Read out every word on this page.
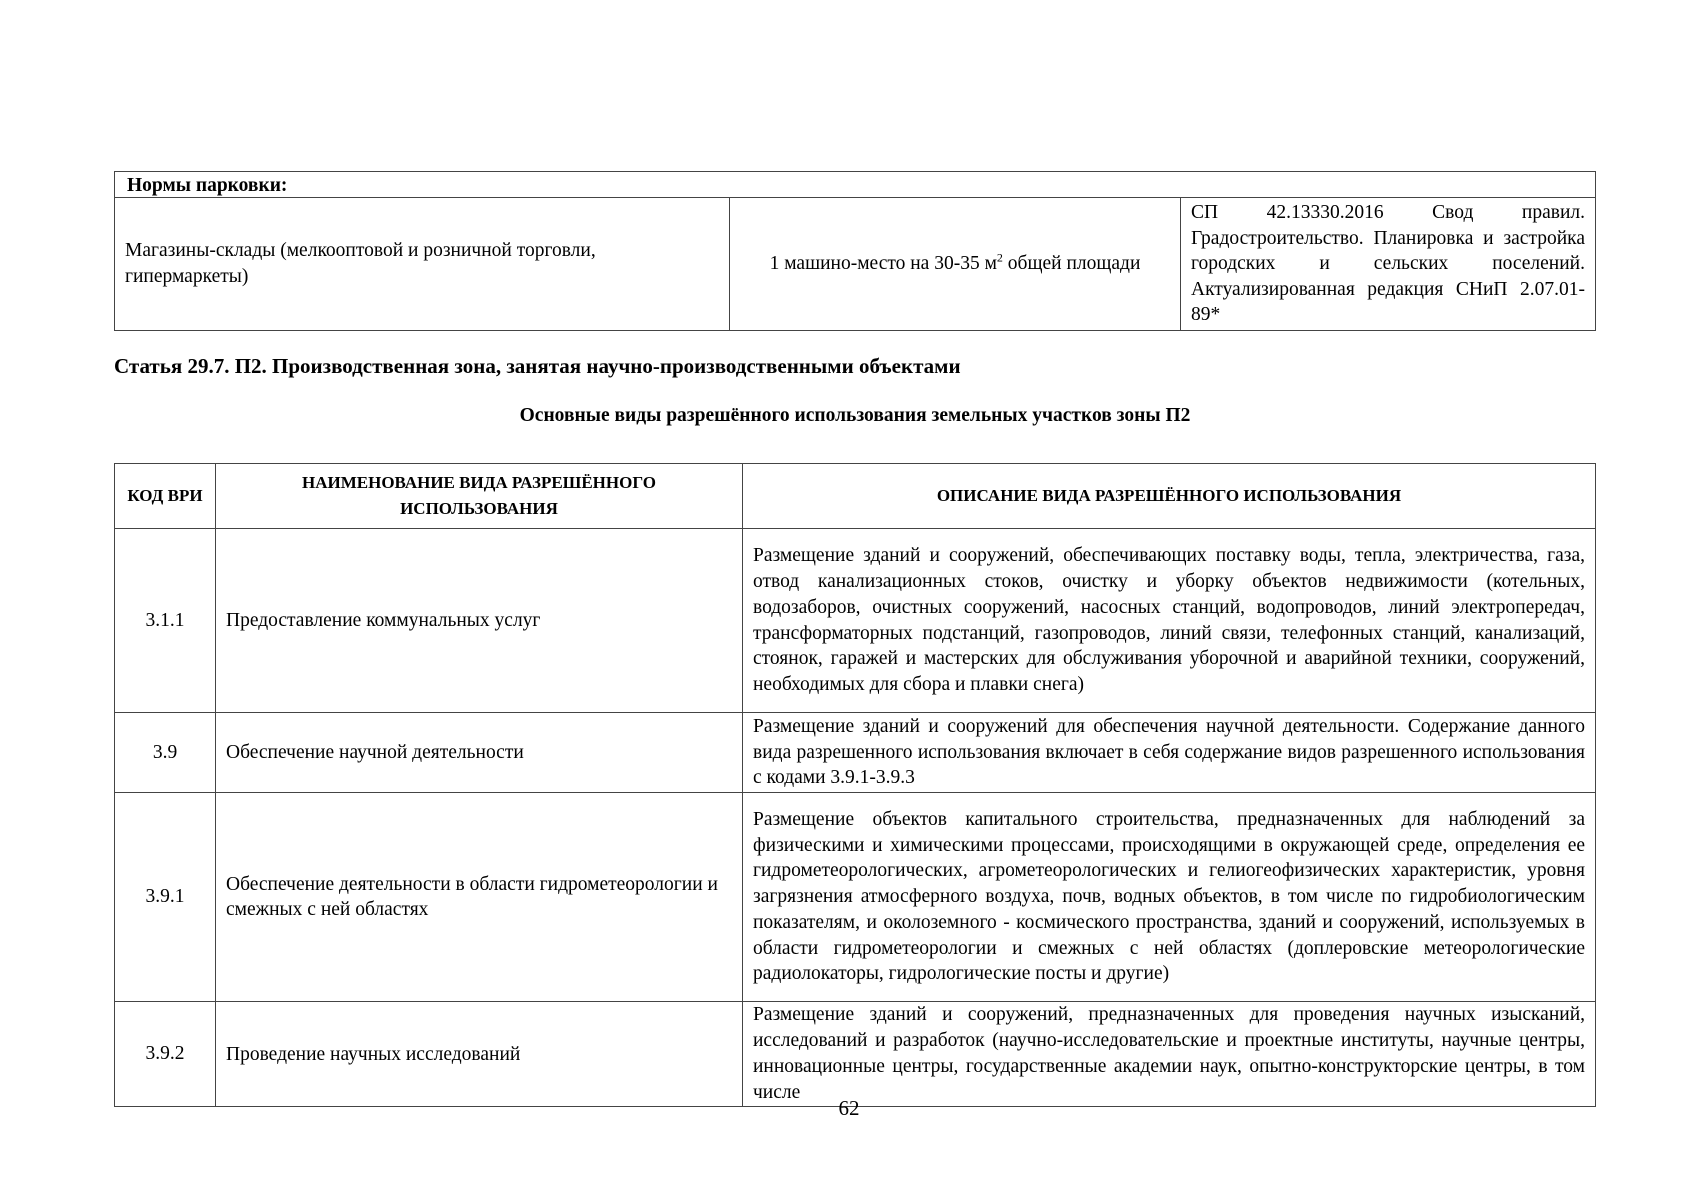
Нормы парковки:
Магазины-склады (мелкооптовой и розничной торговли, гипермаркеты)	1 машино-место на 30-35 $м^2$ общей площади	СП 42.13330.2016 Свод правил. Градостроительство. Планировка и застройка городских и сельских поселений. Актуализированная редакция СНиП 2.07.01-89*
Статья 29.7. П2. Производственная зона, занятая научно-производственными объектами
Основные виды разрешённого использования земельных участков зоны П2
КОД ВРИ	НАИМЕНОВАНИЕ ВИДА РАЗРЕШЁННОГО ИСПОЛЬЗОВАНИЯ	ОПИСАНИЕ ВИДА РАЗРЕШЁННОГО ИСПОЛЬЗОВАНИЯ
3.1.1	Предоставление коммунальных услуг	Размещение зданий и сооружений, обеспечивающих поставку воды, тепла, электричества, газа, отвод канализационных стоков, очистку и уборку объектов недвижимости (котельных, водозаборов, очистных сооружений, насосных станций, водопроводов, линий электропередач, трансформаторных подстанций, газопроводов, линий связи, телефонных станций, канализаций, стоянок, гаражей и мастерских для обслуживания уборочной и аварийной техники, сооружений, необходимых для сбора и плавки снега)
3.9	Обеспечение научной деятельности	Размещение зданий и сооружений для обеспечения научной деятельности. Содержание данного вида разрешенного использования включает в себя содержание видов разрешенного использования с кодами 3.9.1-3.9.3
3.9.1	Обеспечение деятельности в области гидрометеорологии и смежных с ней областях	Размещение объектов капитального строительства, предназначенных для наблюдений за физическими и химическими процессами, происходящими в окружающей среде, определения ее гидрометеорологических, агрометеорологических и гелиогеофизических характеристик, уровня загрязнения атмосферного воздуха, почв, водных объектов, в том числе по гидробиологическим показателям, и околоземного - космического пространства, зданий и сооружений, используемых в области гидрометеорологии и смежных с ней областях (доплеровские метеорологические радиолокаторы, гидрологические посты и другие)
3.9.2	Проведение научных исследований	Размещение зданий и сооружений, предназначенных для проведения научных изысканий, исследований и разработок (научно-исследовательские и проектные институты, научные центры, инновационные центры, государственные академии наук, опытно-конструкторские центры, в том числе
62
